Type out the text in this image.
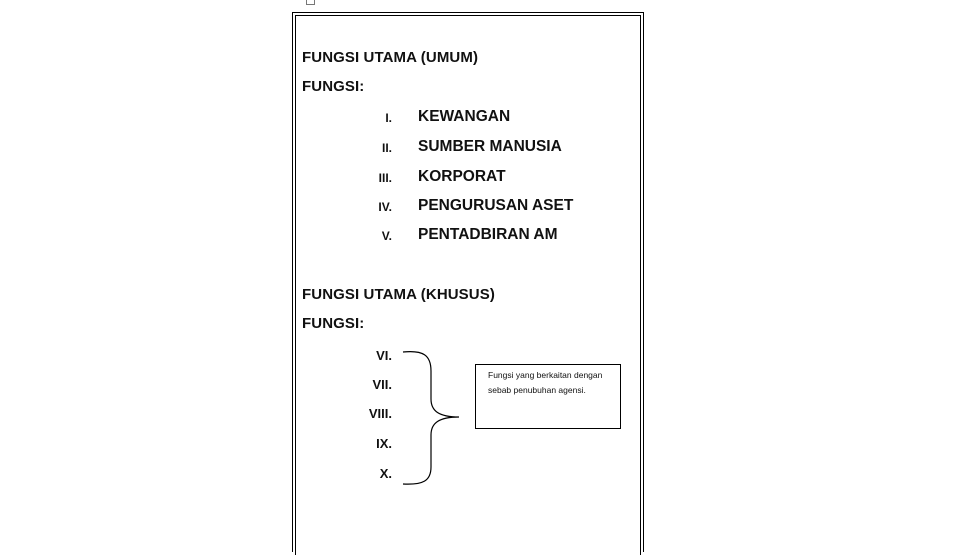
FUNGSI UTAMA (UMUM)
FUNGSI:
I. KEWANGAN
II. SUMBER MANUSIA
III. KORPORAT
IV. PENGURUSAN ASET
V. PENTADBIRAN AM
FUNGSI UTAMA (KHUSUS)
FUNGSI:
VI.
VII.
VIII.
IX.
X.
Fungsi yang berkaitan dengan sebab penubuhan agensi.
